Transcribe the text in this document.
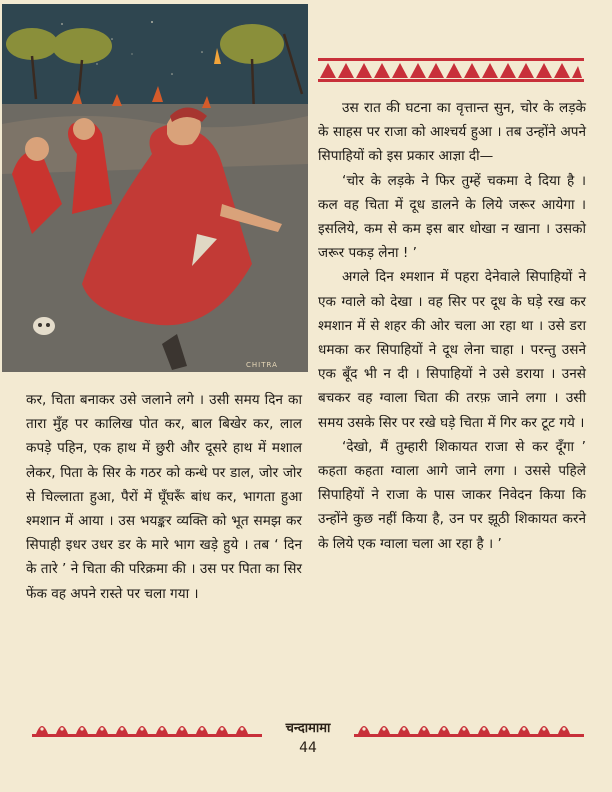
CHITRA

कर, चिता बनाकर उसे जलाने लगे । उसी समय दिन का तारा मुँह पर कालिख पोत कर, बाल बिखेर कर, लाल कपड़े पहिन, एक हाथ में छुरी और दूसरे हाथ में मशाल लेकर, पिता के सिर के गठर को कन्धे पर डाल, जोर जोर से चिल्लाता हुआ, पैरों में घूँघरूँ बांध कर, भागता हुआ श्मशान में आया । उस भयङ्कर व्यक्ति को भूत समझ कर सिपाही इधर उधर डर के मारे भाग खड़े हुये । तब ‘ दिन के तारे ’ ने चिता की परिक्रमा की । उस पर पिता का सिर फेंक वह अपने रास्ते पर चला गया ।

उस रात की घटना का वृत्तान्त सुन, चोर के लड़के के साहस पर राजा को आश्चर्य हुआ । तब उन्होंने अपने सिपाहियों को इस प्रकार आज्ञा दी—

‘चोर के लड़के ने फिर तुम्हें चकमा दे दिया है । कल वह चिता में दूध डालने के लिये जरूर आयेगा । इसलिये, कम से कम इस बार धोखा न खाना । उसको जरूर पकड़ लेना ! ’

अगले दिन श्मशान में पहरा देनेवाले सिपाहियों ने एक ग्वाले को देखा । वह सिर पर दूध के घड़े रख कर श्मशान में से शहर की ओर चला आ रहा था । उसे डरा धमका कर सिपाहियों ने दूध लेना चाहा । परन्तु उसने एक बूँद भी न दी । सिपाहियों ने उसे डराया । उनसे बचकर वह ग्वाला चिता की तरफ़ जाने लगा । उसी समय उसके सिर पर रखे घड़े चिता में गिर कर टूट गये ।

‘देखो, मैं तुम्हारी शिकायत राजा से कर दूँगा ’ कहता कहता ग्वाला आगे जाने लगा । उससे पहिले सिपाहियों ने राजा के पास जाकर निवेदन किया कि उन्होंने कुछ नहीं किया है, उन पर झूठी शिकायत करने के लिये एक ग्वाला चला आ रहा है । ’

चन्दामामा
44
